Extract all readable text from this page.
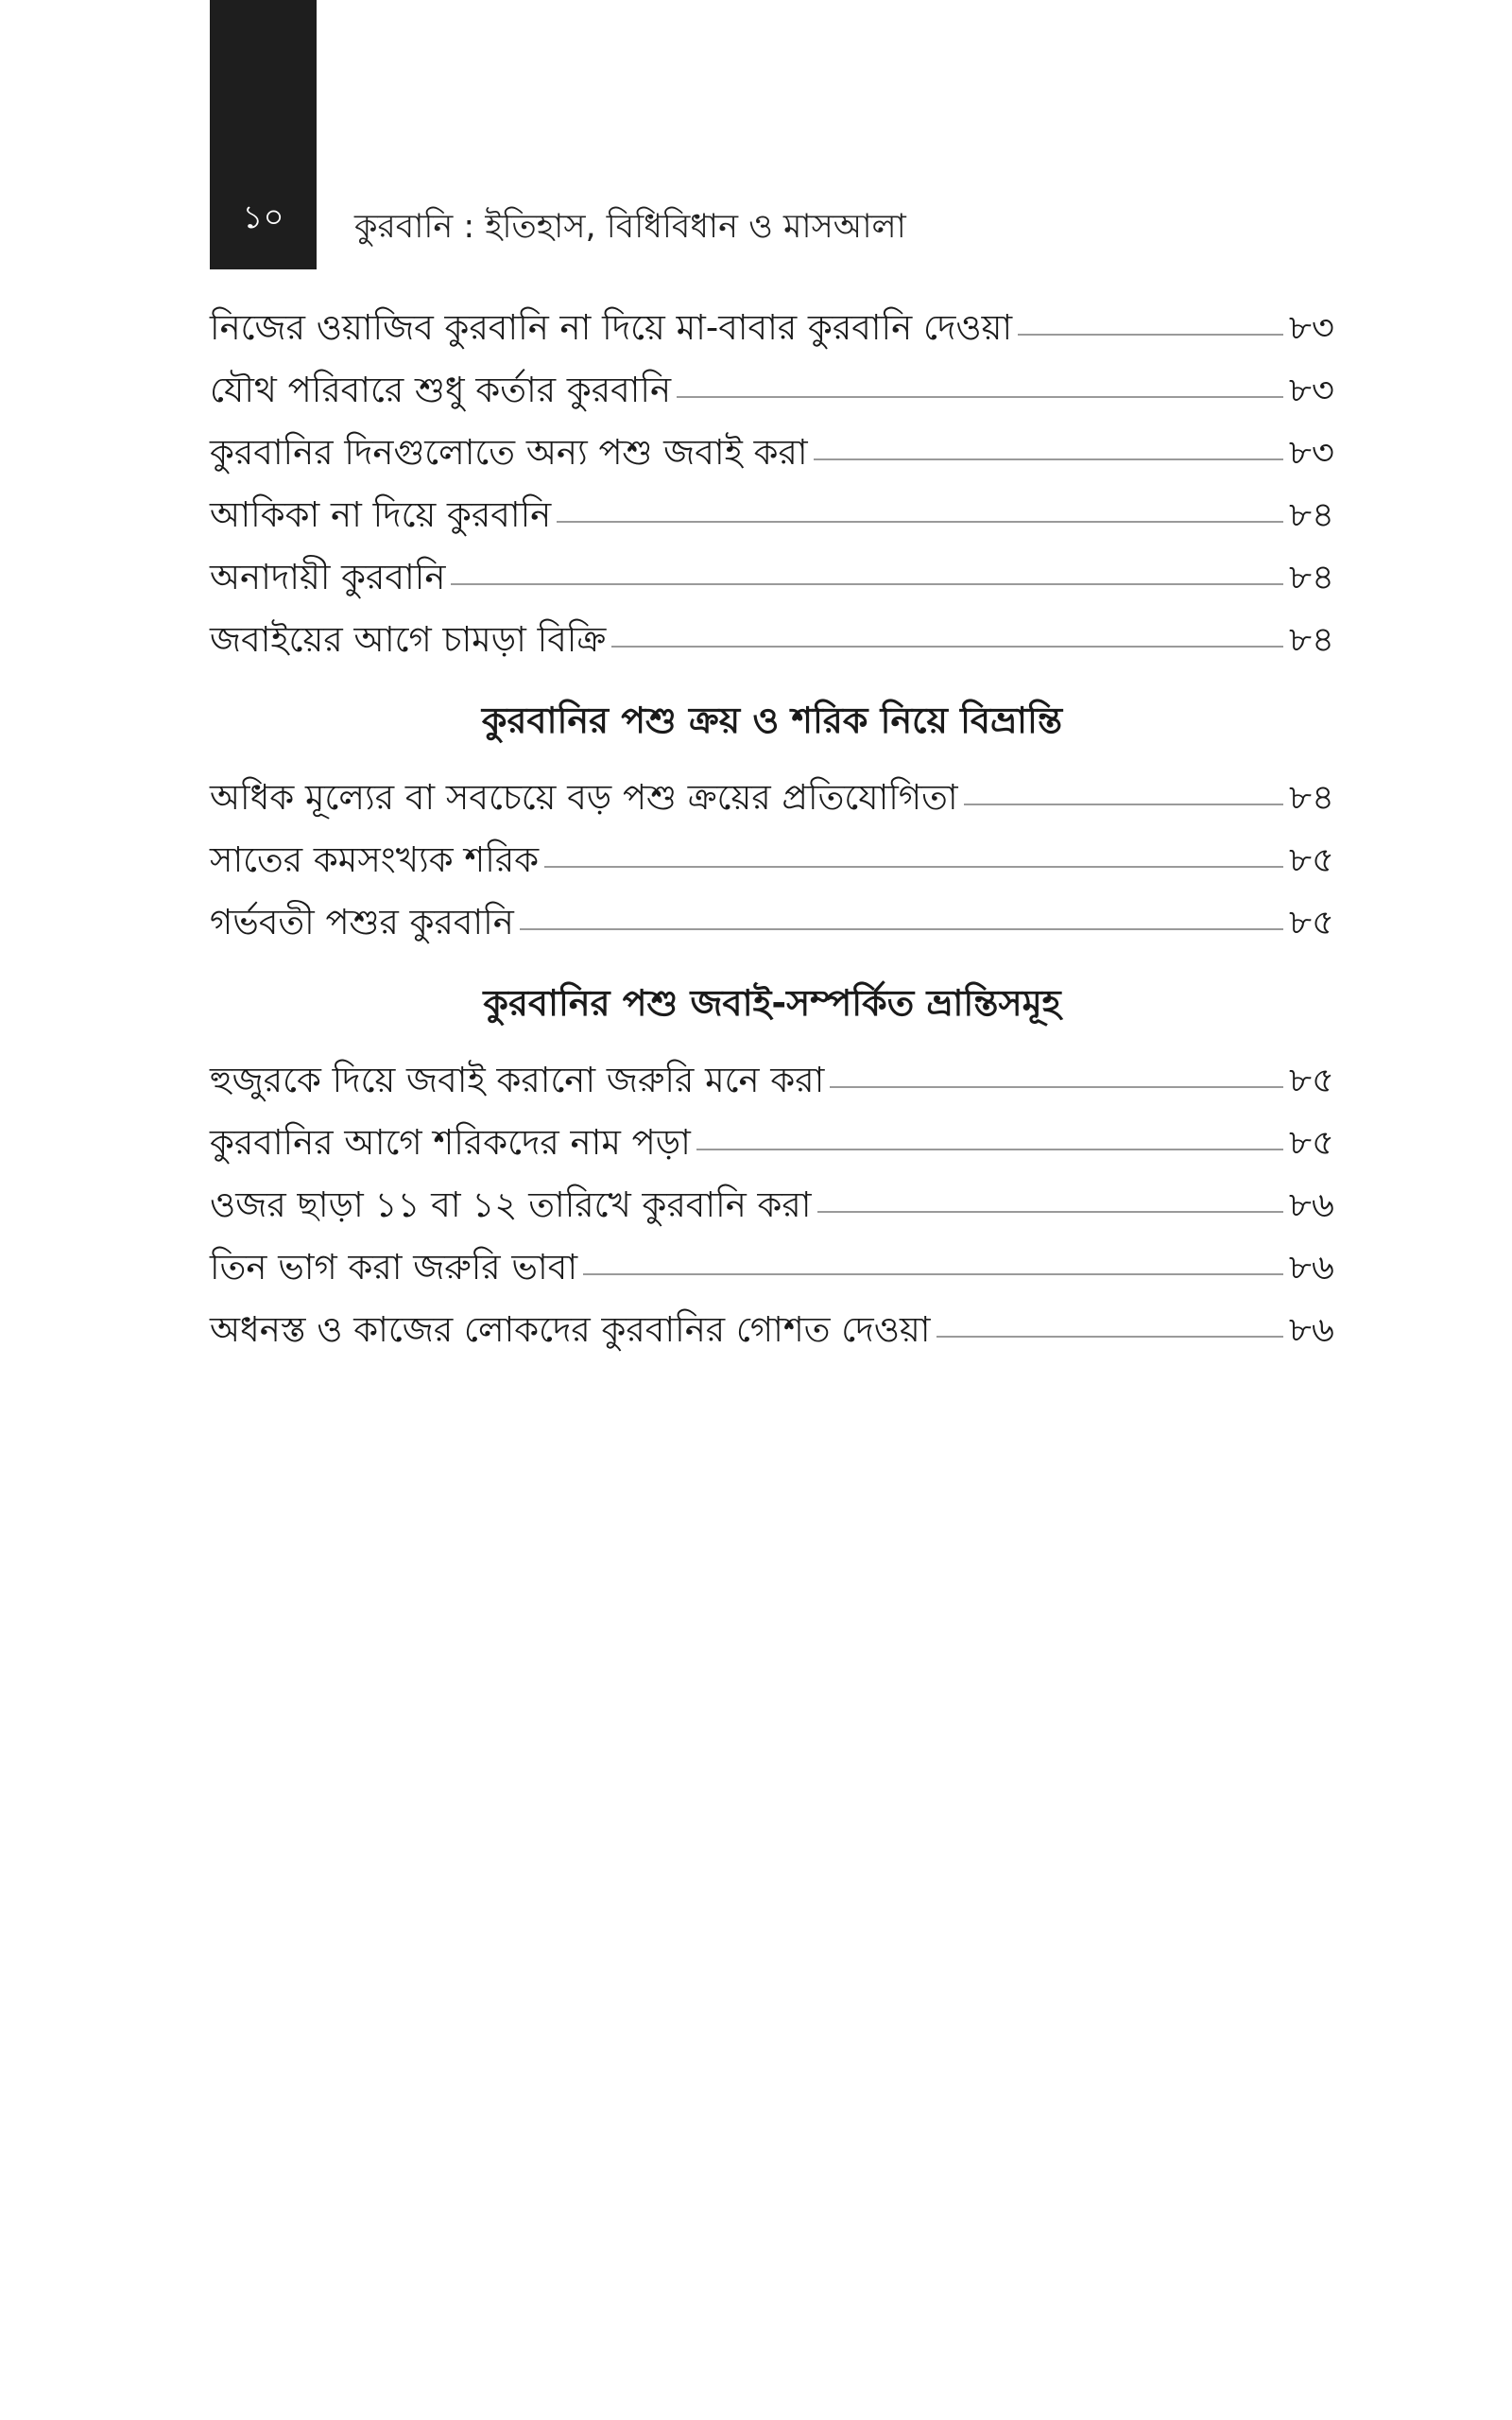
১০	কুরবানি : ইতিহাস, বিধিবিধান ও মাসআলা
নিজের ওয়াজিব কুরবানি না দিয়ে মা-বাবার কুরবানি দেওয়া	৮৩
যৌথ পরিবারে শুধু কর্তার কুরবানি	৮৩
কুরবানির দিনগুলোতে অন্য পশু জবাই করা	৮৩
আকিকা না দিয়ে কুরবানি	৮৪
অনাদায়ী কুরবানি	৮৪
জবাইয়ের আগে চামড়া বিক্রি	৮৪
কুরবানির পশু ক্রয় ও শরিক নিয়ে বিভ্রান্তি
অধিক মূল্যের বা সবচেয়ে বড় পশু ক্রয়ের প্রতিযোগিতা	৮৪
সাতের কমসংখ্যক শরিক	৮৫
গর্ভবতী পশুর কুরবানি	৮৫
কুরবানির পশু জবাই-সম্পর্কিত ভ্রান্তিসমূহ
হুজুরকে দিয়ে জবাই করানো জরুরি মনে করা	৮৫
কুরবানির আগে শরিকদের নাম পড়া	৮৫
ওজর ছাড়া ১১ বা ১২ তারিখে কুরবানি করা	৮৬
তিন ভাগ করা জরুরি ভাবা	৮৬
অধনস্ত ও কাজের লোকদের কুরবানির গোশত দেওয়া	৮৬
